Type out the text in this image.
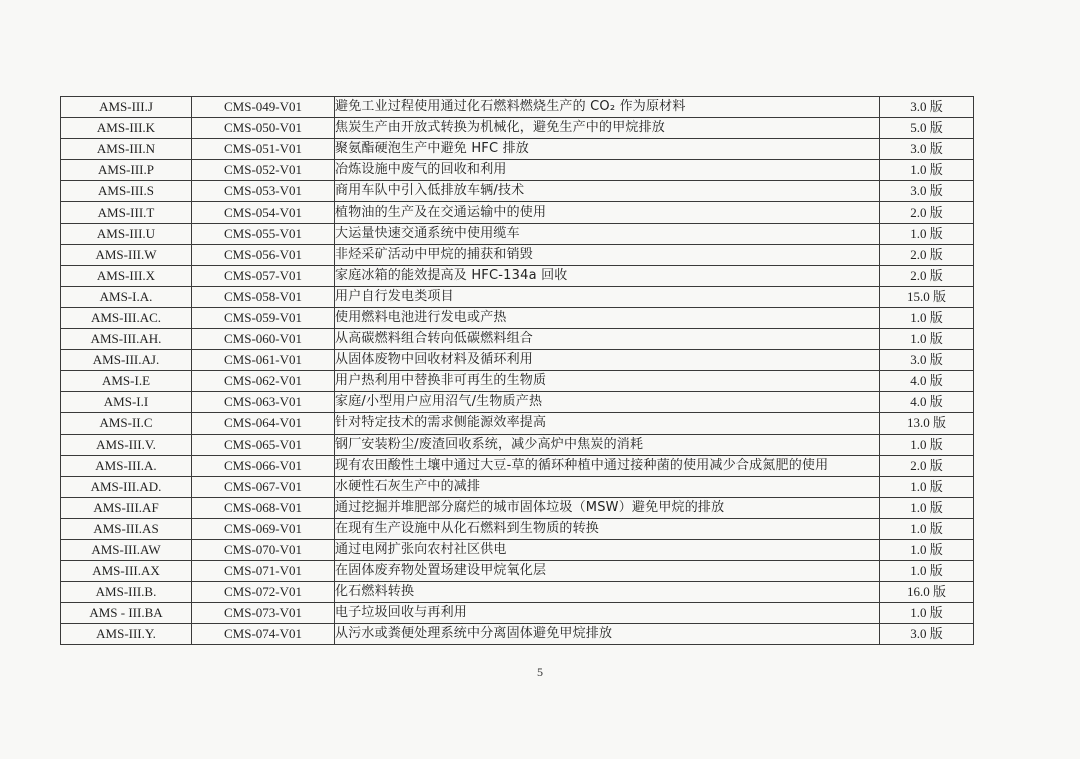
AMS-III.J	CMS-049-V01	避免工业过程使用通过化石燃料燃烧生产的 CO₂ 作为原材料	3.0 版
AMS-III.K	CMS-050-V01	焦炭生产由开放式转换为机械化，避免生产中的甲烷排放	5.0 版
AMS-III.N	CMS-051-V01	聚氨酯硬泡生产中避免 HFC 排放	3.0 版
AMS-III.P	CMS-052-V01	冶炼设施中废气的回收和利用	1.0 版
AMS-III.S	CMS-053-V01	商用车队中引入低排放车辆/技术	3.0 版
AMS-III.T	CMS-054-V01	植物油的生产及在交通运输中的使用	2.0 版
AMS-III.U	CMS-055-V01	大运量快速交通系统中使用缆车	1.0 版
AMS-III.W	CMS-056-V01	非烃采矿活动中甲烷的捕获和销毁	2.0 版
AMS-III.X	CMS-057-V01	家庭冰箱的能效提高及 HFC-134a 回收	2.0 版
AMS-I.A.	CMS-058-V01	用户自行发电类项目	15.0 版
AMS-III.AC.	CMS-059-V01	使用燃料电池进行发电或产热	1.0 版
AMS-III.AH.	CMS-060-V01	从高碳燃料组合转向低碳燃料组合	1.0 版
AMS-III.AJ.	CMS-061-V01	从固体废物中回收材料及循环利用	3.0 版
AMS-I.E	CMS-062-V01	用户热利用中替换非可再生的生物质	4.0 版
AMS-I.I	CMS-063-V01	家庭/小型用户应用沼气/生物质产热	4.0 版
AMS-II.C	CMS-064-V01	针对特定技术的需求侧能源效率提高	13.0 版
AMS-III.V.	CMS-065-V01	钢厂安装粉尘/废渣回收系统，减少高炉中焦炭的消耗	1.0 版
AMS-III.A.	CMS-066-V01	现有农田酸性土壤中通过大豆-草的循环种植中通过接种菌的使用减少合成氮肥的使用	2.0 版
AMS-III.AD.	CMS-067-V01	水硬性石灰生产中的减排	1.0 版
AMS-III.AF	CMS-068-V01	通过挖掘并堆肥部分腐烂的城市固体垃圾（MSW）避免甲烷的排放	1.0 版
AMS-III.AS	CMS-069-V01	在现有生产设施中从化石燃料到生物质的转换	1.0 版
AMS-III.AW	CMS-070-V01	通过电网扩张向农村社区供电	1.0 版
AMS-III.AX	CMS-071-V01	在固体废弃物处置场建设甲烷氧化层	1.0 版
AMS-III.B.	CMS-072-V01	化石燃料转换	16.0 版
AMS - III.BA	CMS-073-V01	电子垃圾回收与再利用	1.0 版
AMS-III.Y.	CMS-074-V01	从污水或粪便处理系统中分离固体避免甲烷排放	3.0 版
5
